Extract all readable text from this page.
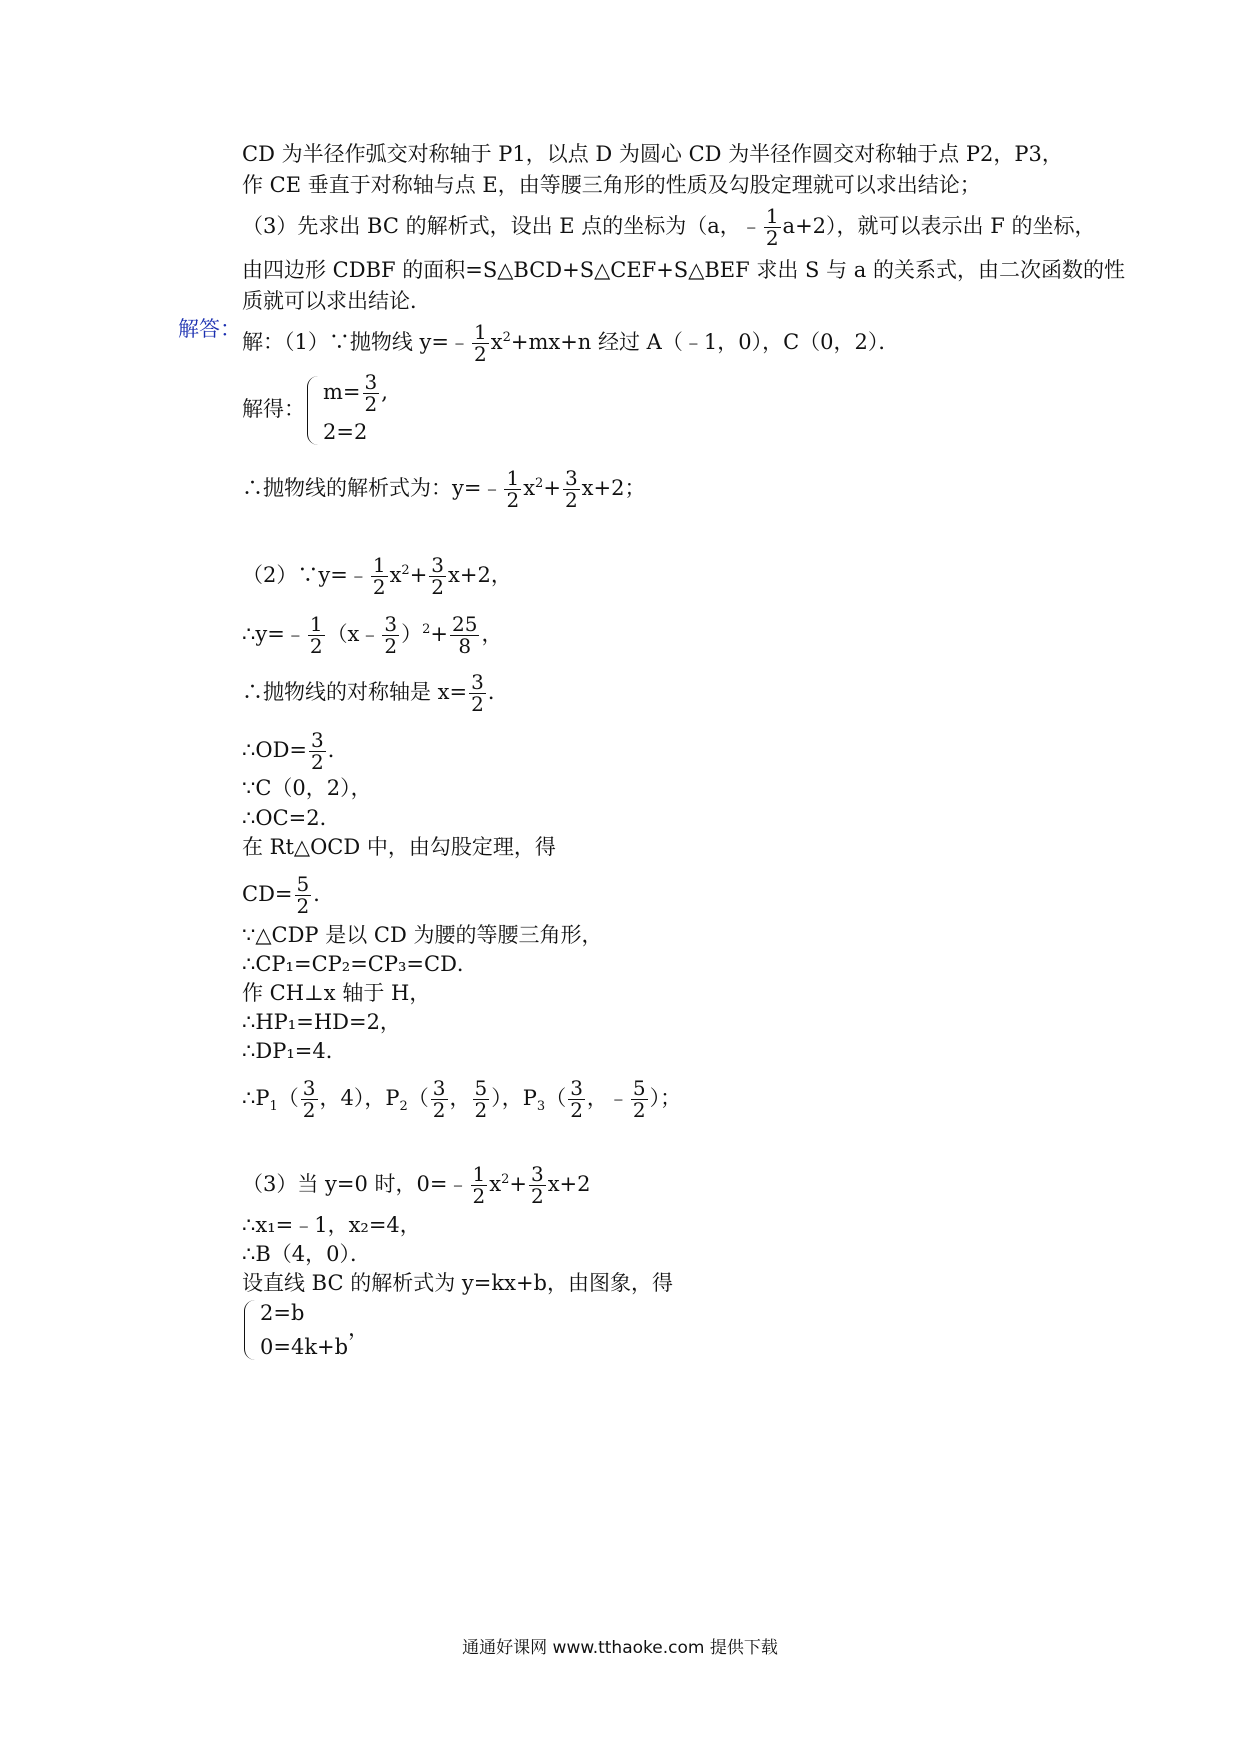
CD 为半径作弧交对称轴于 P1，以点 D 为圆心 CD 为半径作圆交对称轴于点 P2，P3，
作 CE 垂直于对称轴与点 E，由等腰三角形的性质及勾股定理就可以求出结论；
（3）先求出 BC 的解析式，设出 E 点的坐标为（a，﹣ $\frac{1}{2} a+2$），就可以表示出 F 的坐标，
由四边形 CDBF 的面积=S△BCD+S△CEF+S△BEF 求出 S 与 a 的关系式，由二次函数的性
质就可以求出结论．
解答：
解：（1）∵抛物线 y=﹣ $\frac{1}{2} x^2+mx+n$ 经过 A（﹣1，0），C（0，2）．
解得：
$m= \frac{3}{2}$ ,
2=2
∴抛物线的解析式为：y=﹣ $\frac{1}{2} x^2+ \frac{3}{2} x+2$；
（2）∵y=﹣ $\frac{1}{2} x^2+ \frac{3}{2} x+2$，
∴y=﹣ $\frac{1}{2}$ （x﹣ $\frac{3}{2} )^2+ \frac{25}{8}$ ，
∴抛物线的对称轴是 $x= \frac{3}{2}$ ．
∴OD= $\frac{3}{2}$ ．
∵C（0，2），
∴OC=2．
在 Rt△OCD 中，由勾股定理，得
$CD= \frac{5}{2}$ ．
∵△CDP 是以 CD 为腰的等腰三角形，
∴CP₁=CP₂=CP₃=CD．
作 CH⊥x 轴于 H，
∴HP₁=HD=2，
∴DP₁=4．
$\therefore P_1( \frac{3}{2}$ ，4），$P_2( \frac{3}{2}$ ， $\frac{5}{2}$ ），$P_3( \frac{3}{2}$ ，﹣ $\frac{5}{2}$ ）；
（3）当 y=0 时，0=﹣ $\frac{1}{2} x^2+ \frac{3}{2} x+2$
∴x₁=﹣1，x₂=4，
∴B（4，0）．
设直线 BC 的解析式为 y=kx+b，由图象，得
2=b
0=4k+b
，
通通好课网 www.tthaoke.com 提供下载
